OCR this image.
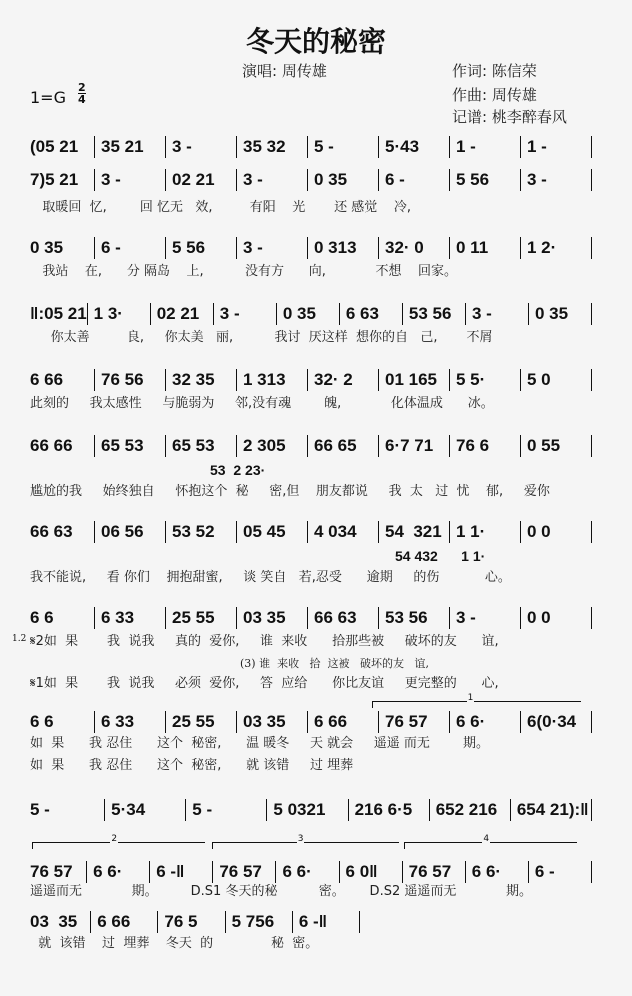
冬天的秘密
演唱: 周传雄	作词: 陈信荣
作曲: 周传雄
记谱: 桃李醉春风
1=G
2
4
(05 21	35 21	3 -	35 32	5 -	5·43	1 -	1 -
7)5 21	3 -	02 21	3 -	0 35	6 -	5 56	3 -
取暖回  忆,        回 忆无   效,         有阳    光       还 感觉    冷,
0 35	6 -	5 56	3 -	0 313	32· 0	0 11	1 2·
我站    在,      分 隔岛    上,          没有方      向,            不想    回家。
‖:05 21 1 3·	02 21	3 -	0 35	6 63	53 56	3 -	0 35
你太善         良,     你太美   丽,          我讨  厌这样  想你的自   己,       不屑
6 66	76 56	32 35	1 313	32· 2	01 165	5 5·	5 0
此刻的     我太感性     与脆弱为     邻,没有魂        魄,            化体温成      冰。
66 66	65 53	65 53	2 305	66 65	6·7 71	76 6	0 55
尴尬的我     始终独自     怀抱这个  秘     密,但    朋友都说     我  太   过  忧    郁,     爱你
53  2 23·
66 63	06 56	53 52	05 45	4 034	54  321 1 1·	0 0
我不能说,     看 你们    拥抱甜蜜,     谈 笑自   若,忍受      逾期     的伤           心。
54 432      1 1·
6 6	6 33	25 55	03 35	66 63	53 56	3 -	0 0
𝄋2如  果       我  说我     真的  爱你,     谁  来收      拾那些被     破坏的友      谊,
𝄋1如  果       我  说我     必须  爱你,     答  应给      你比友谊     更完整的      心,
(3) 谁  来收   拾  这被   破坏的友   谊,
1.2
6 6	6 33	25 55	03 35	6 66	76 57	6 6·	6(0·34
如  果      我 忍住      这个  秘密,      温 暖冬     天 就会     遥遥 而无        期。
如  果      我 忍住      这个  秘密,      就 该错     过 埋葬
1
5 -	5·34	5 -	5 0321	216 6·5	652 216	654 21):‖
76 57	6 6·	6 -‖	76 57	6 6·	6 0‖	76 57	6 6·	6 -
遥遥而无            期。        D.S1 冬天的秘          密。      D.S2 遥遥而无            期。
2	3	4
03  35	6 66	76 5	5 756	6 -‖
就  该错    过  埋葬    冬天  的              秘  密。
